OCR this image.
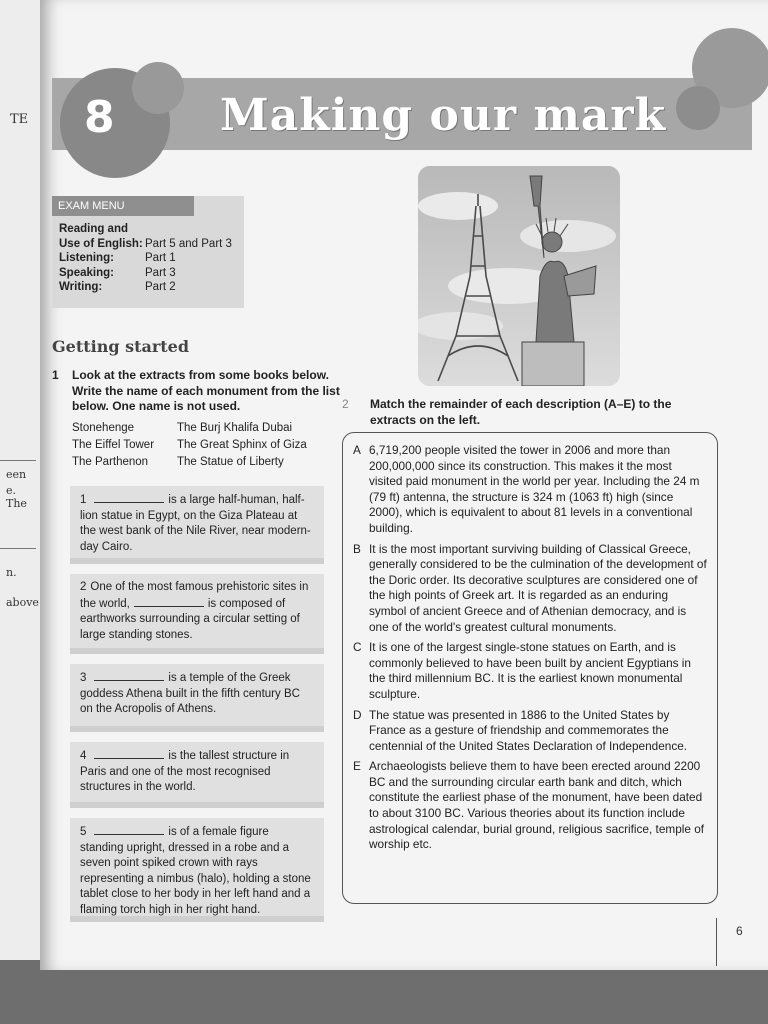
TE
een
e. The
n.
above
8 Making our mark
EXAM MENU
Reading and
Use of English: Part 5 and Part 3
Listening:	Part 1
Speaking:	Part 3
Writing:	Part 2
Getting started
1 Look at the extracts from some books below. Write the name of each monument from the list below. One name is not used.
Stonehenge	The Burj Khalifa Dubai
The Eiffel Tower	The Great Sphinx of Giza
The Parthenon	The Statue of Liberty
1	is a large half-human, half-lion statue in Egypt, on the Giza Plateau at the west bank of the Nile River, near modern-day Cairo.
2 One of the most famous prehistoric sites in the world,	is composed of earthworks surrounding a circular setting of large standing stones.
3	is a temple of the Greek goddess Athena built in the fifth century BC on the Acropolis of Athens.
4	is the tallest structure in Paris and one of the most recognised structures in the world.
5	is of a female figure standing upright, dressed in a robe and a seven point spiked crown with rays representing a nimbus (halo), holding a stone tablet close to her body in her left hand and a flaming torch high in her right hand.
2 Match the remainder of each description (A–E) to the extracts on the left.
A 6,719,200 people visited the tower in 2006 and more than 200,000,000 since its construction. This makes it the most visited paid monument in the world per year. Including the 24 m (79 ft) antenna, the structure is 324 m (1063 ft) high (since 2000), which is equivalent to about 81 levels in a conventional building.
B It is the most important surviving building of Classical Greece, generally considered to be the culmination of the development of the Doric order. Its decorative sculptures are considered one of the high points of Greek art. It is regarded as an enduring symbol of ancient Greece and of Athenian democracy, and is one of the world's greatest cultural monuments.
C It is one of the largest single-stone statues on Earth, and is commonly believed to have been built by ancient Egyptians in the third millennium BC. It is the earliest known monumental sculpture.
D The statue was presented in 1886 to the United States by France as a gesture of friendship and commemorates the centennial of the United States Declaration of Independence.
E Archaeologists believe them to have been erected around 2200 BC and the surrounding circular earth bank and ditch, which constitute the earliest phase of the monument, have been dated to about 3100 BC. Various theories about its function include astrological calendar, burial ground, religious sacrifice, temple of worship etc.
6
